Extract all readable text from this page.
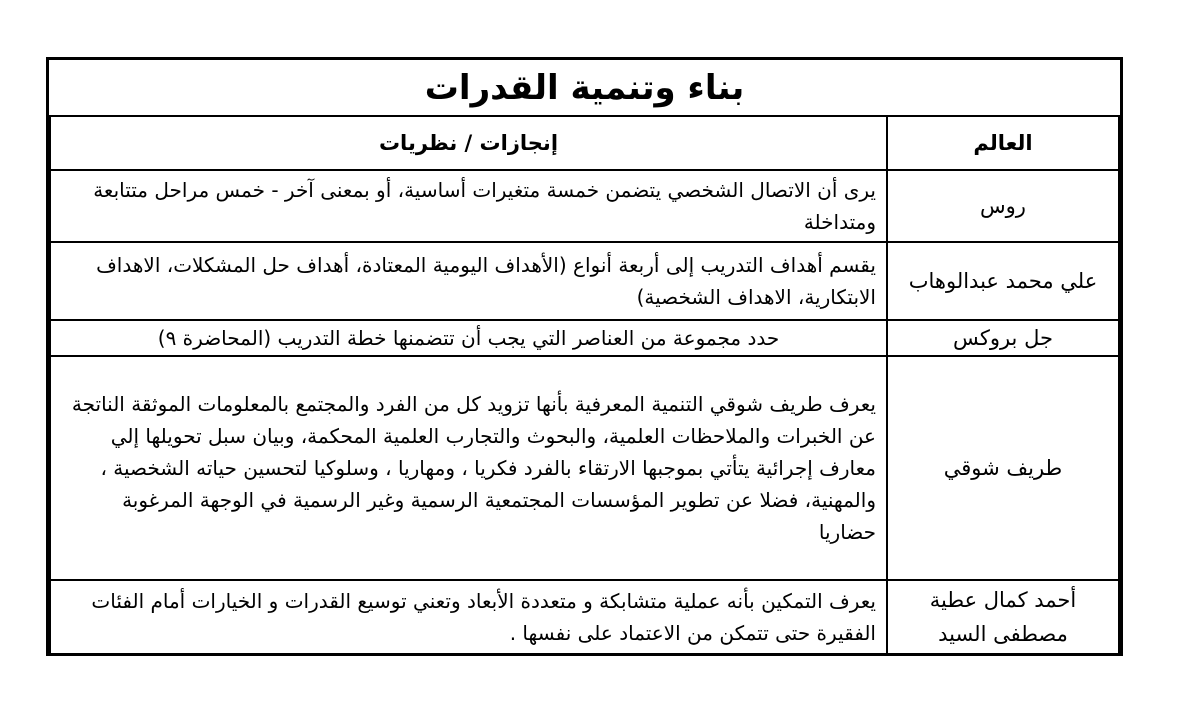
بناء وتنمية القدرات	
العالم	إنجازات / نظريات
روس	يرى أن الاتصال الشخصي يتضمن خمسة متغيرات أساسية، أو بمعنى آخر - خمس مراحل متتابعة ومتداخلة
علي محمد عبدالوهاب	يقسم أهداف التدريب إلى أربعة أنواع (الأهداف اليومية المعتادة، أهداف حل المشكلات، الاهداف الابتكارية، الاهداف الشخصية)
جل بروكس	حدد مجموعة من العناصر التي يجب أن تتضمنها خطة التدريب (المحاضرة ٩)
طريف شوقي	يعرف طريف شوقي التنمية المعرفية بأنها تزويد كل من الفرد والمجتمع بالمعلومات الموثقة الناتجة عن الخبرات والملاحظات العلمية، والبحوث والتجارب العلمية المحكمة، وبيان سبل تحويلها إلي معارف إجرائية يتأتي بموجبها الارتقاء بالفرد فكريا ، ومهاريا ، وسلوكيا لتحسين حياته الشخصية ، والمهنية، فضلا عن تطوير المؤسسات المجتمعية الرسمية وغير الرسمية في الوجهة المرغوبة حضاريا
أحمد كمال عطية مصطفى السيد	يعرف التمكين بأنه عملية متشابكة و متعددة الأبعاد وتعني توسيع القدرات و الخيارات أمام الفئات الفقيرة حتى تتمكن من الاعتماد على نفسها .
